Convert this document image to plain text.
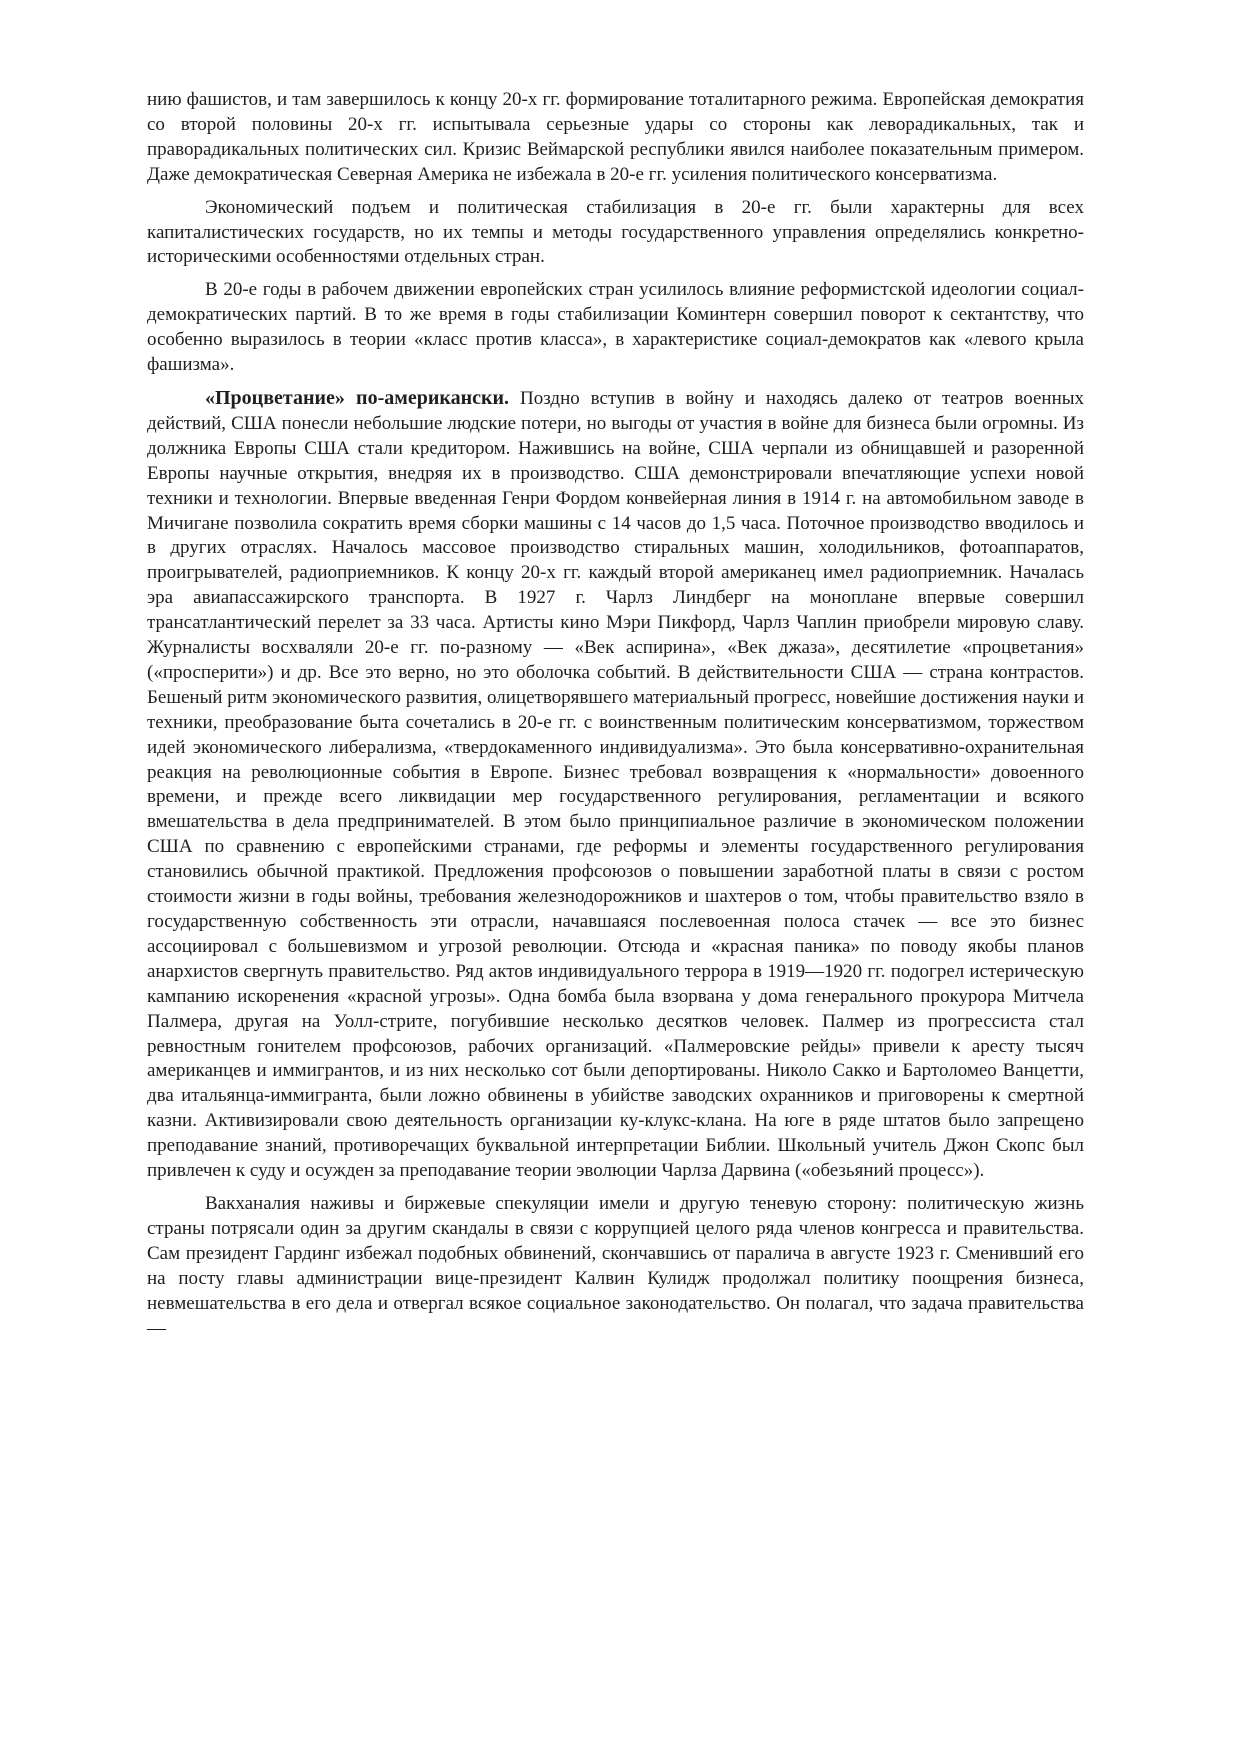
нию фашистов, и там завершилось к концу 20-х гг. формирование тоталитарного режима. Европейская демократия со второй половины 20-х гг. испытывала серьезные удары со стороны как леворадикальных, так и праворадикальных политических сил. Кризис Веймарской республики явился наиболее показательным примером. Даже демократическая Северная Америка не избежала в 20-е гг. усиления политического консерватизма.

Экономический подъем и политическая стабилизация в 20-е гг. были характерны для всех капиталистических государств, но их темпы и методы государственного управления определялись конкретно-историческими особенностями отдельных стран.

В 20-е годы в рабочем движении европейских стран усилилось влияние реформистской идеологии социал-демократических партий. В то же время в годы стабилизации Коминтерн совершил поворот к сектантству, что особенно выразилось в теории «класс против класса», в характеристике социал-демократов как «левого крыла фашизма».

«Процветание» по-американски. Поздно вступив в войну и находясь далеко от театров военных действий, США понесли небольшие людские потери, но выгоды от участия в войне для бизнеса были огромны. Из должника Европы США стали кредитором. Нажившись на войне, США черпали из обнищавшей и разоренной Европы научные открытия, внедряя их в производство. США демонстрировали впечатляющие успехи новой техники и технологии. Впервые введенная Генри Фордом конвейерная линия в 1914 г. на автомобильном заводе в Мичигане позволила сократить время сборки машины с 14 часов до 1,5 часа. Поточное производство вводилось и в других отраслях. Началось массовое производство стиральных машин, холодильников, фотоаппаратов, проигрывателей, радиоприемников. К концу 20-х гг. каждый второй американец имел радиоприемник. Началась эра авиапассажирского транспорта. В 1927 г. Чарлз Линдберг на моноплане впервые совершил трансатлантический перелет за 33 часа. Артисты кино Мэри Пикфорд, Чарлз Чаплин приобрели мировую славу. Журналисты восхваляли 20-е гг. по-разному — «Век аспирина», «Век джаза», десятилетие «процветания» («просперити») и др. Все это верно, но это оболочка событий. В действительности США — страна контрастов. Бешеный ритм экономического развития, олицетворявшего материальный прогресс, новейшие достижения науки и техники, преобразование быта сочетались в 20-е гг. с воинственным политическим консерватизмом, торжеством идей экономического либерализма, «твердокаменного индивидуализма». Это была консервативно-охранительная реакция на революционные события в Европе. Бизнес требовал возвращения к «нормальности» довоенного времени, и прежде всего ликвидации мер государственного регулирования, регламентации и всякого вмешательства в дела предпринимателей. В этом было принципиальное различие в экономическом положении США по сравнению с европейскими странами, где реформы и элементы государственного регулирования становились обычной практикой. Предложения профсоюзов о повышении заработной платы в связи с ростом стоимости жизни в годы войны, требования железнодорожников и шахтеров о том, чтобы правительство взяло в государственную собственность эти отрасли, начавшаяся послевоенная полоса стачек — все это бизнес ассоциировал с большевизмом и угрозой революции. Отсюда и «красная паника» по поводу якобы планов анархистов свергнуть правительство. Ряд актов индивидуального террора в 1919—1920 гг. подогрел истерическую кампанию искоренения «красной угрозы». Одна бомба была взорвана у дома генерального прокурора Митчела Палмера, другая на Уолл-стрите, погубившие несколько десятков человек. Палмер из прогрессиста стал ревностным гонителем профсоюзов, рабочих организаций. «Палмеровские рейды» привели к аресту тысяч американцев и иммигрантов, и из них несколько сот были депортированы. Николо Сакко и Бартоломео Ванцетти, два итальянца-иммигранта, были ложно обвинены в убийстве заводских охранников и приговорены к смертной казни. Активизировали свою деятельность организации ку-клукс-клана. На юге в ряде штатов было запрещено преподавание знаний, противоречащих буквальной интерпретации Библии. Школьный учитель Джон Скопс был привлечен к суду и осужден за преподавание теории эволюции Чарлза Дарвина («обезьяний процесс»).

Вакханалия наживы и биржевые спекуляции имели и другую теневую сторону: политическую жизнь страны потрясали один за другим скандалы в связи с коррупцией целого ряда членов конгресса и правительства. Сам президент Гардинг избежал подобных обвинений, скончавшись от паралича в августе 1923 г. Сменивший его на посту главы администрации вице-президент Калвин Кулидж продолжал политику поощрения бизнеса, невмешательства в его дела и отвергал всякое социальное законодательство. Он полагал, что задача правительства —
